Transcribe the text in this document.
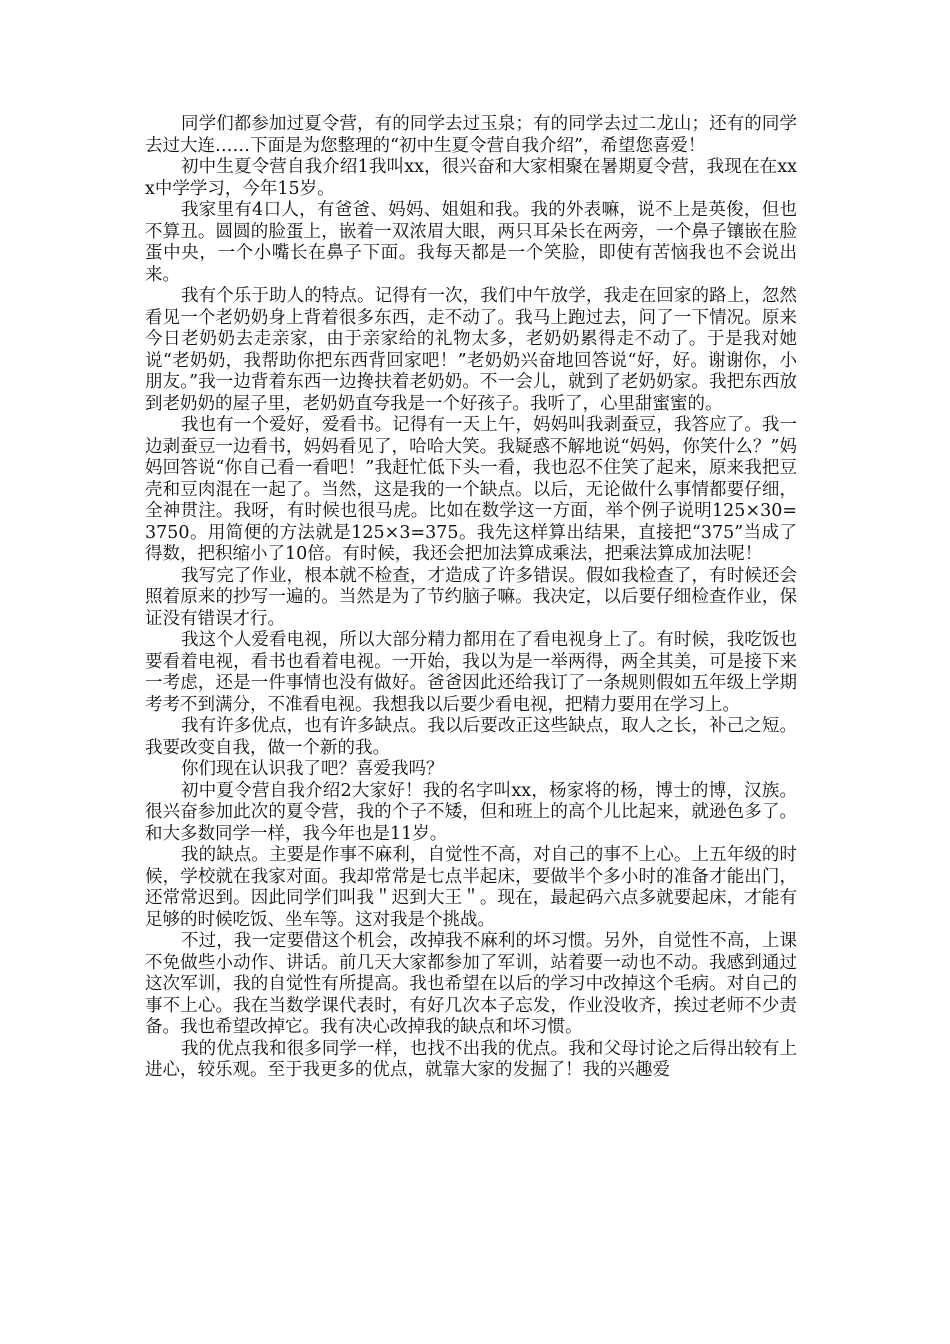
同学们都参加过夏令营，有的同学去过玉泉；有的同学去过二龙山；还有的同学去过大连……下面是为您整理的“初中生夏令营自我介绍”，希望您喜爱！

初中生夏令营自我介绍1我叫xx，很兴奋和大家相聚在暑期夏令营，我现在在xxx中学学习，今年15岁。

我家里有4口人，有爸爸、妈妈、姐姐和我。我的外表嘛，说不上是英俊，但也不算丑。圆圆的脸蛋上，嵌着一双浓眉大眼，两只耳朵长在两旁，一个鼻子镶嵌在脸蛋中央，一个小嘴长在鼻子下面。我每天都是一个笑脸，即使有苦恼我也不会说出来。

我有个乐于助人的特点。记得有一次，我们中午放学，我走在回家的路上，忽然看见一个老奶奶身上背着很多东西，走不动了。我马上跑过去，问了一下情况。原来今日老奶奶去走亲家，由于亲家给的礼物太多，老奶奶累得走不动了。于是我对她说“老奶奶，我帮助你把东西背回家吧！”老奶奶兴奋地回答说“好，好。谢谢你，小朋友。”我一边背着东西一边搀扶着老奶奶。不一会儿，就到了老奶奶家。我把东西放到老奶奶的屋子里，老奶奶直夸我是一个好孩子。我听了，心里甜蜜蜜的。

我也有一个爱好，爱看书。记得有一天上午，妈妈叫我剥蚕豆，我答应了。我一边剥蚕豆一边看书，妈妈看见了，哈哈大笑。我疑惑不解地说“妈妈，你笑什么？”妈妈回答说“你自己看一看吧！”我赶忙低下头一看，我也忍不住笑了起来，原来我把豆壳和豆肉混在一起了。当然，这是我的一个缺点。以后，无论做什么事情都要仔细，全神贯注。我呀，有时候也很马虎。比如在数学这一方面，举个例子说明125×30=3750。用简便的方法就是125×3=375。我先这样算出结果，直接把“375”当成了得数，把积缩小了10倍。有时候，我还会把加法算成乘法，把乘法算成加法呢！

我写完了作业，根本就不检查，才造成了许多错误。假如我检查了，有时候还会照着原来的抄写一遍的。当然是为了节约脑子嘛。我决定，以后要仔细检查作业，保证没有错误才行。

我这个人爱看电视，所以大部分精力都用在了看电视身上了。有时候，我吃饭也要看着电视，看书也看着电视。一开始，我以为是一举两得，两全其美，可是接下来一考虑，还是一件事情也没有做好。爸爸因此还给我订了一条规则假如五年级上学期考考不到满分，不准看电视。我想我以后要少看电视，把精力要用在学习上。

我有许多优点，也有许多缺点。我以后要改正这些缺点，取人之长，补己之短。我要改变自我，做一个新的我。

你们现在认识我了吧？喜爱我吗？

初中夏令营自我介绍2大家好！我的名字叫xx，杨家将的杨，博士的博，汉族。很兴奋参加此次的夏令营，我的个子不矮，但和班上的高个儿比起来，就逊色多了。和大多数同学一样，我今年也是11岁。

我的缺点。主要是作事不麻利，自觉性不高，对自己的事不上心。上五年级的时候，学校就在我家对面。我却常常是七点半起床，要做半个多小时的准备才能出门，还常常迟到。因此同学们叫我＂迟到大王＂。现在，最起码六点多就要起床，才能有足够的时候吃饭、坐车等。这对我是个挑战。

不过，我一定要借这个机会，改掉我不麻利的坏习惯。另外，自觉性不高，上课不免做些小动作、讲话。前几天大家都参加了军训，站着要一动也不动。我感到通过这次军训，我的自觉性有所提高。我也希望在以后的学习中改掉这个毛病。对自己的事不上心。我在当数学课代表时，有好几次本子忘发，作业没收齐，挨过老师不少责备。我也希望改掉它。我有决心改掉我的缺点和坏习惯。

我的优点我和很多同学一样，也找不出我的优点。我和父母讨论之后得出较有上进心，较乐观。至于我更多的优点，就靠大家的发掘了！我的兴趣爱
